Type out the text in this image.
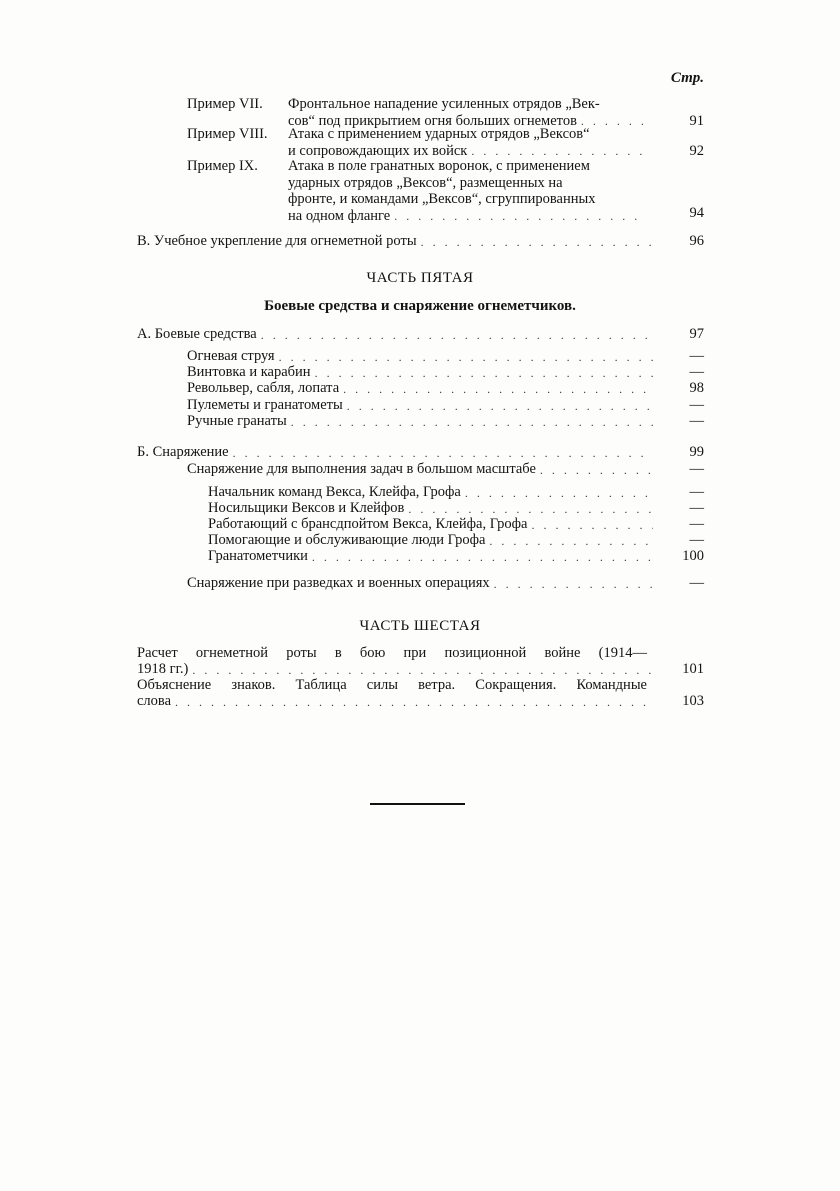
Стр.
Пример VII. Фронтальное нападение усиленных отрядов „Век-
сов“ под прикрытием огня больших огнеметов . . .	91
Пример VIII. Атака с применением ударных отрядов „Вексов“
и сопровождающих их войск . . .	92
Пример IX. Атака в поле гранатных воронок, с применением
ударных отрядов „Вексов“, размещенных на
фронте, и командами „Вексов“, сгруппированных
на одном фланге . . .	94
В. Учебное укрепление для огнеметной роты . . .	96
ЧАСТЬ ПЯТАЯ
Боевые средства и снаряжение огнеметчиков.
А. Боевые средства . . .	97
Огневая струя . . .	—
Винтовка и карабин . . .	—
Револьвер, сабля, лопата . . .	98
Пулеметы и гранатометы . . .	—
Ручные гранаты . . .	—
Б. Снаряжение . . .	99
Снаряжение для выполнения задач в большом масштабе . . .	—
Начальник команд Векса, Клейфа, Грофа . . .	—
Носильщики Вексов и Клейфов . . .	—
Работающий с брансдпойтом Векса, Клейфа, Грофа . . .	—
Помогающие и обслуживающие люди Грофа . . .	—
Гранатометчики . . .	100
Снаряжение при разведках и военных операциях . . .	—
ЧАСТЬ ШЕСТАЯ
Расчет огнеметной роты в бою при позиционной войне (1914—
1918 гг.) . . .	101
Объяснение знаков. Таблица силы ветра. Сокращения. Командные
слова . . .	103
